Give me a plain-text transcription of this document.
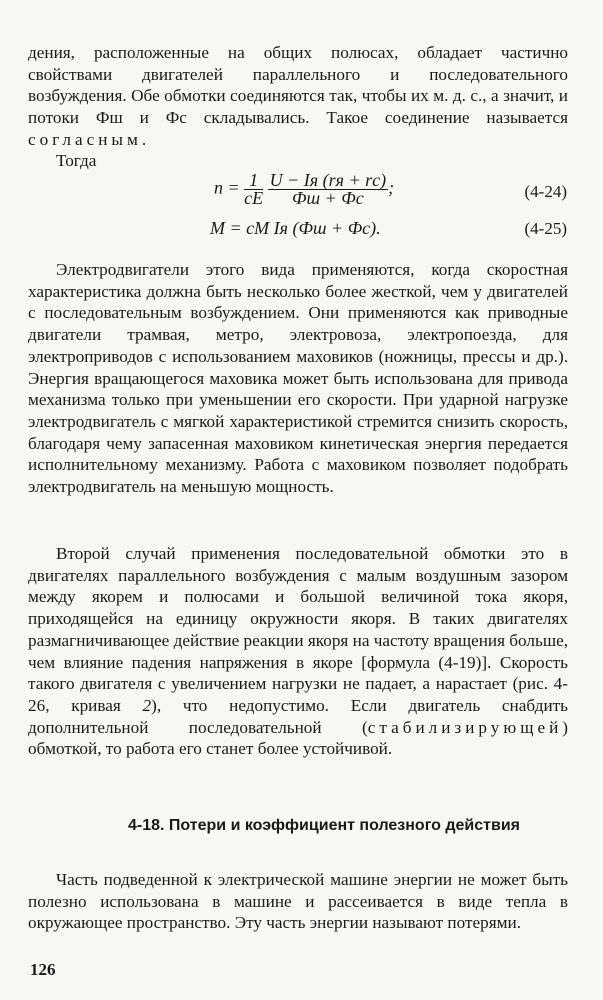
дения, расположенные на общих полюсах, обладает частично свойствами двигателей параллельного и последовательного возбуждения. Обе обмотки соединяются так, чтобы их м. д. с., а значит, и потоки Фш и Фс складывались. Такое соединение называется согласным.

Тогда
$n = \frac{1}{cE}$
$\frac{U - Iя (rя + rс)}{Фш + Фс}$ ;	(4-24)
M = cM Iя (Фш + Фс).	(4-25)

Электродвигатели этого вида применяются, когда скоростная характеристика должна быть несколько более жесткой, чем у двигателей с последовательным возбуждением. Они применяются как приводные двигатели трамвая, метро, электровоза, электропоезда, для электроприводов с использованием маховиков (ножницы, прессы и др.). Энергия вращающегося маховика может быть использована для привода механизма только при уменьшении его скорости. При ударной нагрузке электродвигатель с мягкой характеристикой стремится снизить скорость, благодаря чему запасенная маховиком кинетическая энергия передается исполнительному механизму. Работа с маховиком позволяет подобрать электродвигатель на меньшую мощность.

Второй случай применения последовательной обмотки это в двигателях параллельного возбуждения с малым воздушным зазором между якорем и полюсами и большой величиной тока якоря, приходящейся на единицу окружности якоря. В таких двигателях размагничивающее действие реакции якоря на частоту вращения больше, чем влияние падения напряжения в якоре [формула (4-19)]. Скорость такого двигателя с увеличением нагрузки не падает, а нарастает (рис. 4-26, кривая 2), что недопустимо. Если двигатель снабдить дополнительной последовательной (стабилизирующей) обмоткой, то работа его станет более устойчивой.

4-18. Потери и коэффициент полезного действия

Часть подведенной к электрической машине энергии не может быть полезно использована в машине и рассеивается в виде тепла в окружающее пространство. Эту часть энергии называют потерями.

126
